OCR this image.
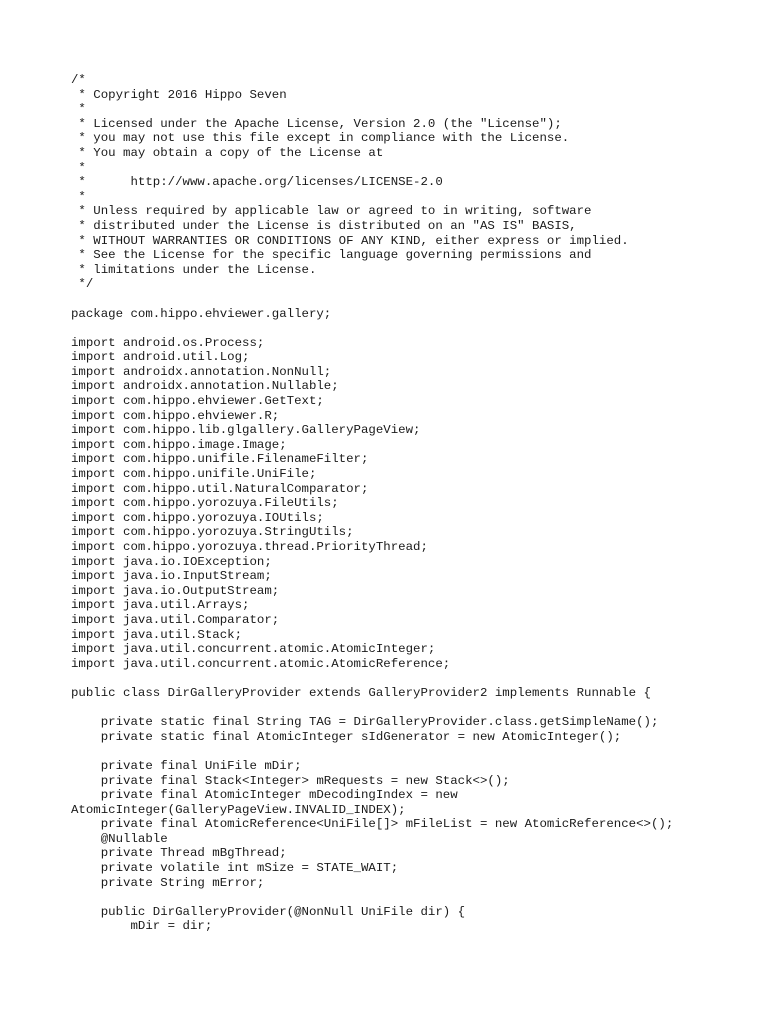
/*
* Copyright 2016 Hippo Seven
*
* Licensed under the Apache License, Version 2.0 (the "License");
* you may not use this file except in compliance with the License.
* You may obtain a copy of the License at
*
*      http://www.apache.org/licenses/LICENSE-2.0
*
* Unless required by applicable law or agreed to in writing, software
* distributed under the License is distributed on an "AS IS" BASIS,
* WITHOUT WARRANTIES OR CONDITIONS OF ANY KIND, either express or implied.
* See the License for the specific language governing permissions and
* limitations under the License.
*/
package com.hippo.ehviewer.gallery;
import android.os.Process;
import android.util.Log;
import androidx.annotation.NonNull;
import androidx.annotation.Nullable;
import com.hippo.ehviewer.GetText;
import com.hippo.ehviewer.R;
import com.hippo.lib.glgallery.GalleryPageView;
import com.hippo.image.Image;
import com.hippo.unifile.FilenameFilter;
import com.hippo.unifile.UniFile;
import com.hippo.util.NaturalComparator;
import com.hippo.yorozuya.FileUtils;
import com.hippo.yorozuya.IOUtils;
import com.hippo.yorozuya.StringUtils;
import com.hippo.yorozuya.thread.PriorityThread;
import java.io.IOException;
import java.io.InputStream;
import java.io.OutputStream;
import java.util.Arrays;
import java.util.Comparator;
import java.util.Stack;
import java.util.concurrent.atomic.AtomicInteger;
import java.util.concurrent.atomic.AtomicReference;
public class DirGalleryProvider extends GalleryProvider2 implements Runnable {
private static final String TAG = DirGalleryProvider.class.getSimpleName();
private static final AtomicInteger sIdGenerator = new AtomicInteger();
private final UniFile mDir;
private final Stack<Integer> mRequests = new Stack<>();
private final AtomicInteger mDecodingIndex = new
AtomicInteger(GalleryPageView.INVALID_INDEX);
private final AtomicReference<UniFile[]> mFileList = new AtomicReference<>();
@Nullable
private Thread mBgThread;
private volatile int mSize = STATE_WAIT;
private String mError;
public DirGalleryProvider(@NonNull UniFile dir) {
mDir = dir;
